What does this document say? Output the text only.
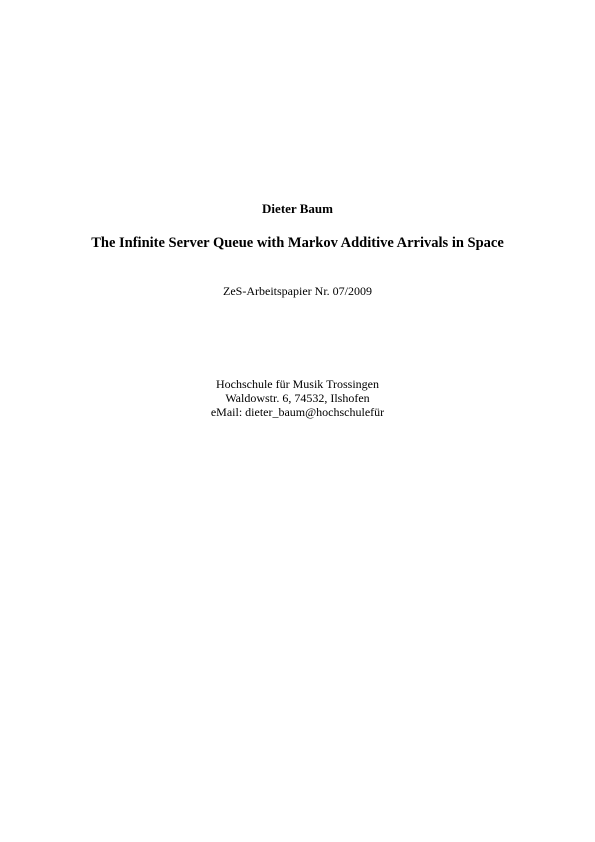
Dieter Baum
The Infinite Server Queue with Markov Additive Arrivals in Space
ZeS-Arbeitspapier Nr. 07/2009
Hochschule für Musik Trossingen
Waldowstr. 6, 74532, Ilshofen
eMail: dieter_baum@hochschulefür
